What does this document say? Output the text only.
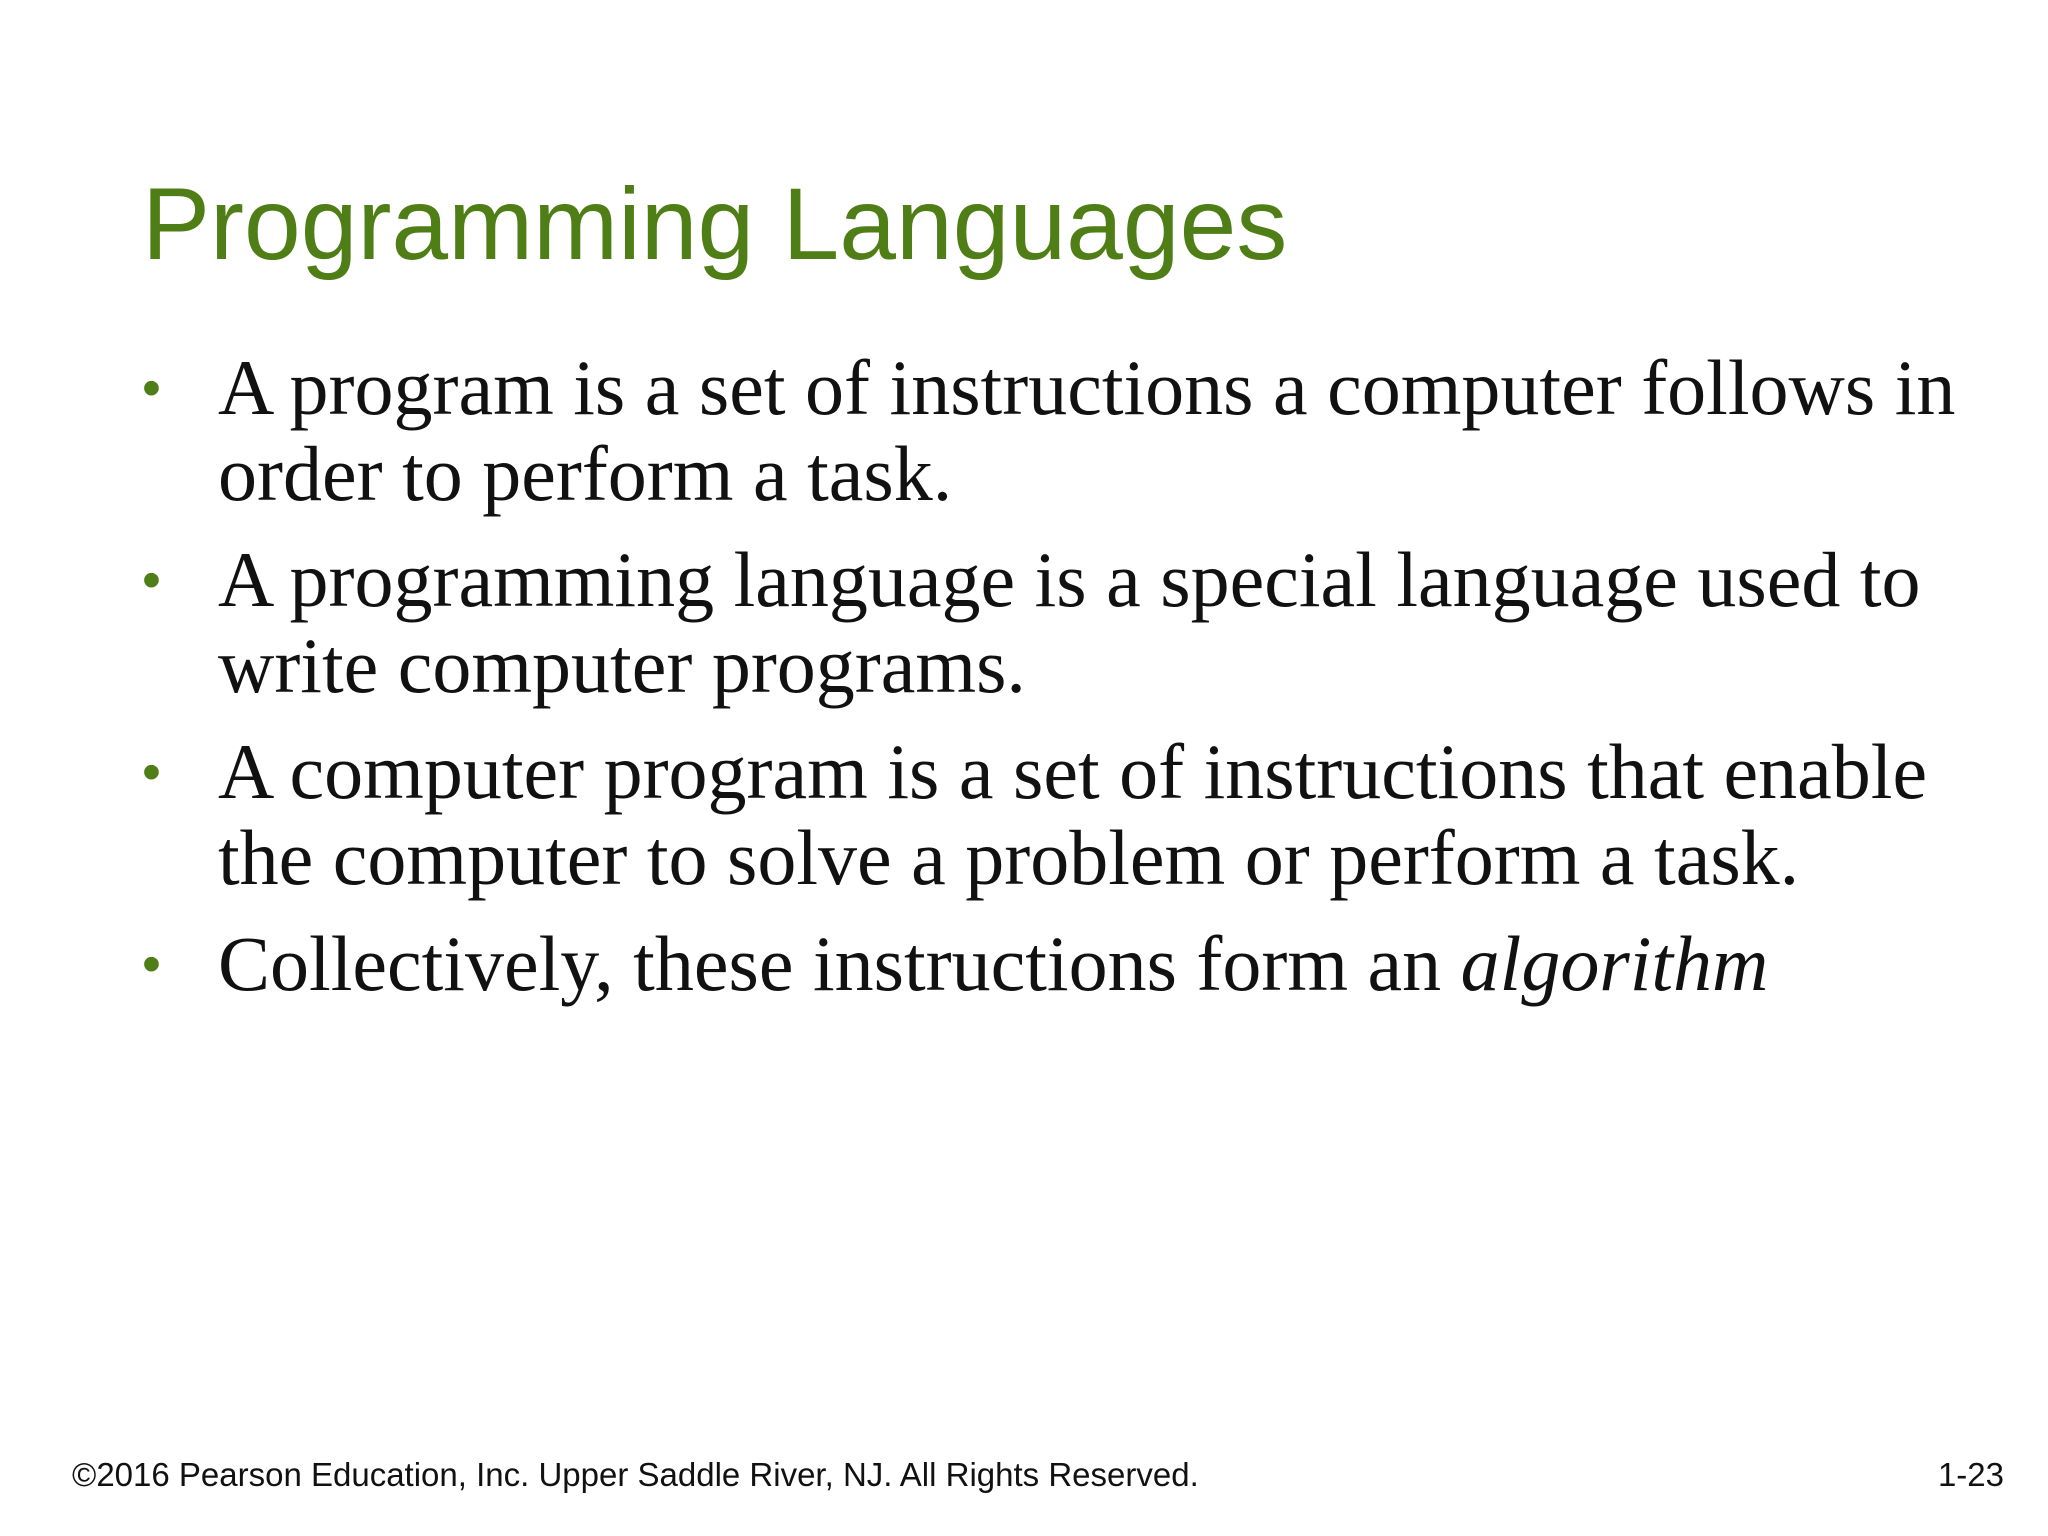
Programming Languages
• A program is a set of instructions a computer follows in order to perform a task.
• A programming language is a special language used to write computer programs.
• A computer program is a set of instructions that enable the computer to solve a problem or perform a task.
• Collectively, these instructions form an algorithm
©2016 Pearson Education, Inc. Upper Saddle River, NJ. All Rights Reserved.	1-23
